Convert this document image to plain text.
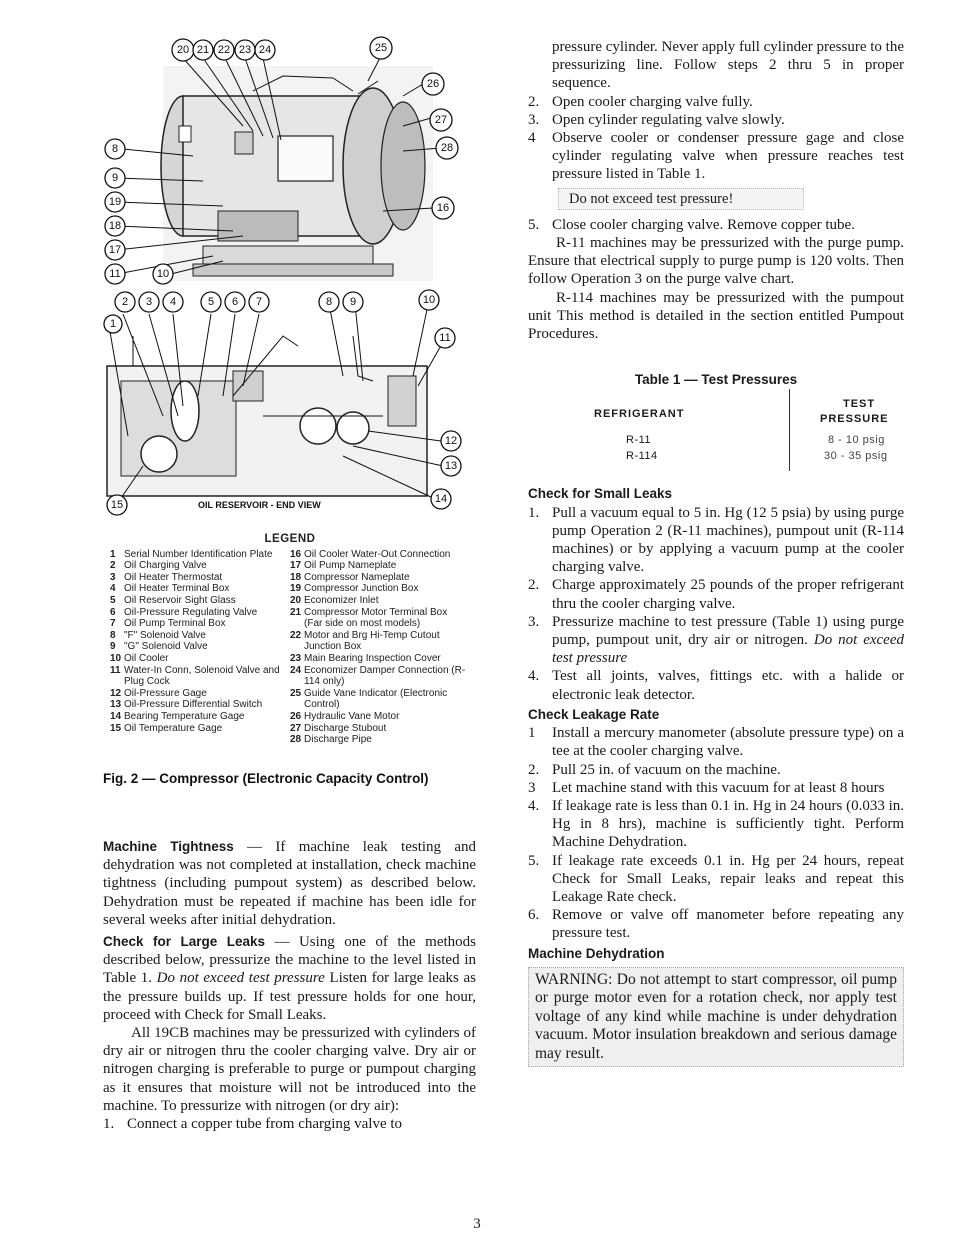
20 21 22 23 24	25
26
27
28
8
9
19
18
17
11	10
16
2 3 4	5 6 7	8 9	10
1
11
12
13
14
15	OIL RESERVOIR - END VIEW
LEGEND
1 Serial Number Identification Plate
2 Oil Charging Valve
3 Oil Heater Thermostat
4 Oil Heater Terminal Box
5 Oil Reservoir Sight Glass
6 Oil-Pressure Regulating Valve
7 Oil Pump Terminal Box
8 "F" Solenoid Valve
9 "G" Solenoid Valve
10 Oil Cooler
11 Water-In Conn, Solenoid Valve and Plug Cock
12 Oil-Pressure Gage
13 Oil-Pressure Differential Switch
14 Bearing Temperature Gage
15 Oil Temperature Gage
16 Oil Cooler Water-Out Connection
17 Oil Pump Nameplate
18 Compressor Nameplate
19 Compressor Junction Box
20 Economizer Inlet
21 Compressor Motor Terminal Box (Far side on most models)
22 Motor and Brg Hi-Temp Cutout Junction Box
23 Main Bearing Inspection Cover
24 Economizer Damper Connection (R-114 only)
25 Guide Vane Indicator (Electronic Control)
26 Hydraulic Vane Motor
27 Discharge Stubout
28 Discharge Pipe
Fig. 2 — Compressor (Electronic Capacity Control)

Machine Tightness — If machine leak testing and dehydration was not completed at installation, check machine tightness (including pumpout system) as described below. Dehydration must be repeated if machine has been idle for several weeks after initial dehydration.

Check for Large Leaks — Using one of the methods described below, pressurize the machine to the level listed in Table 1. Do not exceed test pressure Listen for large leaks as the pressure builds up. If test pressure holds for one hour, proceed with Check for Small Leaks.

All 19CB machines may be pressurized with cylinders of dry air or nitrogen thru the cooler charging valve. Dry air or nitrogen charging is preferable to purge or pumpout charging as it ensures that moisture will not be introduced into the machine. To pressurize with nitrogen (or dry air):

1. Connect a copper tube from charging valve to

pressure cylinder. Never apply full cylinder pressure to the pressurizing line. Follow steps 2 thru 5 in proper sequence.

2. Open cooler charging valve fully.
3. Open cylinder regulating valve slowly.
4 Observe cooler or condenser pressure gage and close cylinder regulating valve when pressure reaches test pressure listed in Table 1.
Do not exceed test pressure!
5. Close cooler charging valve. Remove copper tube.

R-11 machines may be pressurized with the purge pump. Ensure that electrical supply to purge pump is 120 volts. Then follow Operation 3 on the purge valve chart.

R-114 machines may be pressurized with the pumpout unit This method is detailed in the section entitled Pumpout Procedures.

Table 1 — Test Pressures

REFRIGERANT
TEST
PRESSURE
R-11	8 - 10 psig
R-114	30 - 35 psig

Check for Small Leaks

1. Pull a vacuum equal to 5 in. Hg (12 5 psia) by using purge pump Operation 2 (R-11 machines), pumpout unit (R-114 machines) or by applying a vacuum pump at the cooler charging valve.
2. Charge approximately 25 pounds of the proper refrigerant thru the cooler charging valve.
3. Pressurize machine to test pressure (Table 1) using purge pump, pumpout unit, dry air or nitrogen. Do not exceed test pressure
4. Test all joints, valves, fittings etc. with a halide or electronic leak detector.

Check Leakage Rate

1 Install a mercury manometer (absolute pressure type) on a tee at the cooler charging valve.
2. Pull 25 in. of vacuum on the machine.
3 Let machine stand with this vacuum for at least 8 hours
4. If leakage rate is less than 0.1 in. Hg in 24 hours (0.033 in. Hg in 8 hrs), machine is sufficiently tight. Perform Machine Dehydration.
5. If leakage rate exceeds 0.1 in. Hg per 24 hours, repeat Check for Small Leaks, repair leaks and repeat this Leakage Rate check.
6. Remove or valve off manometer before repeating any pressure test.

Machine Dehydration

WARNING: Do not attempt to start compressor, oil pump or purge motor even for a rotation check, nor apply test voltage of any kind while machine is under dehydration vacuum. Motor insulation breakdown and serious damage may result.
3
